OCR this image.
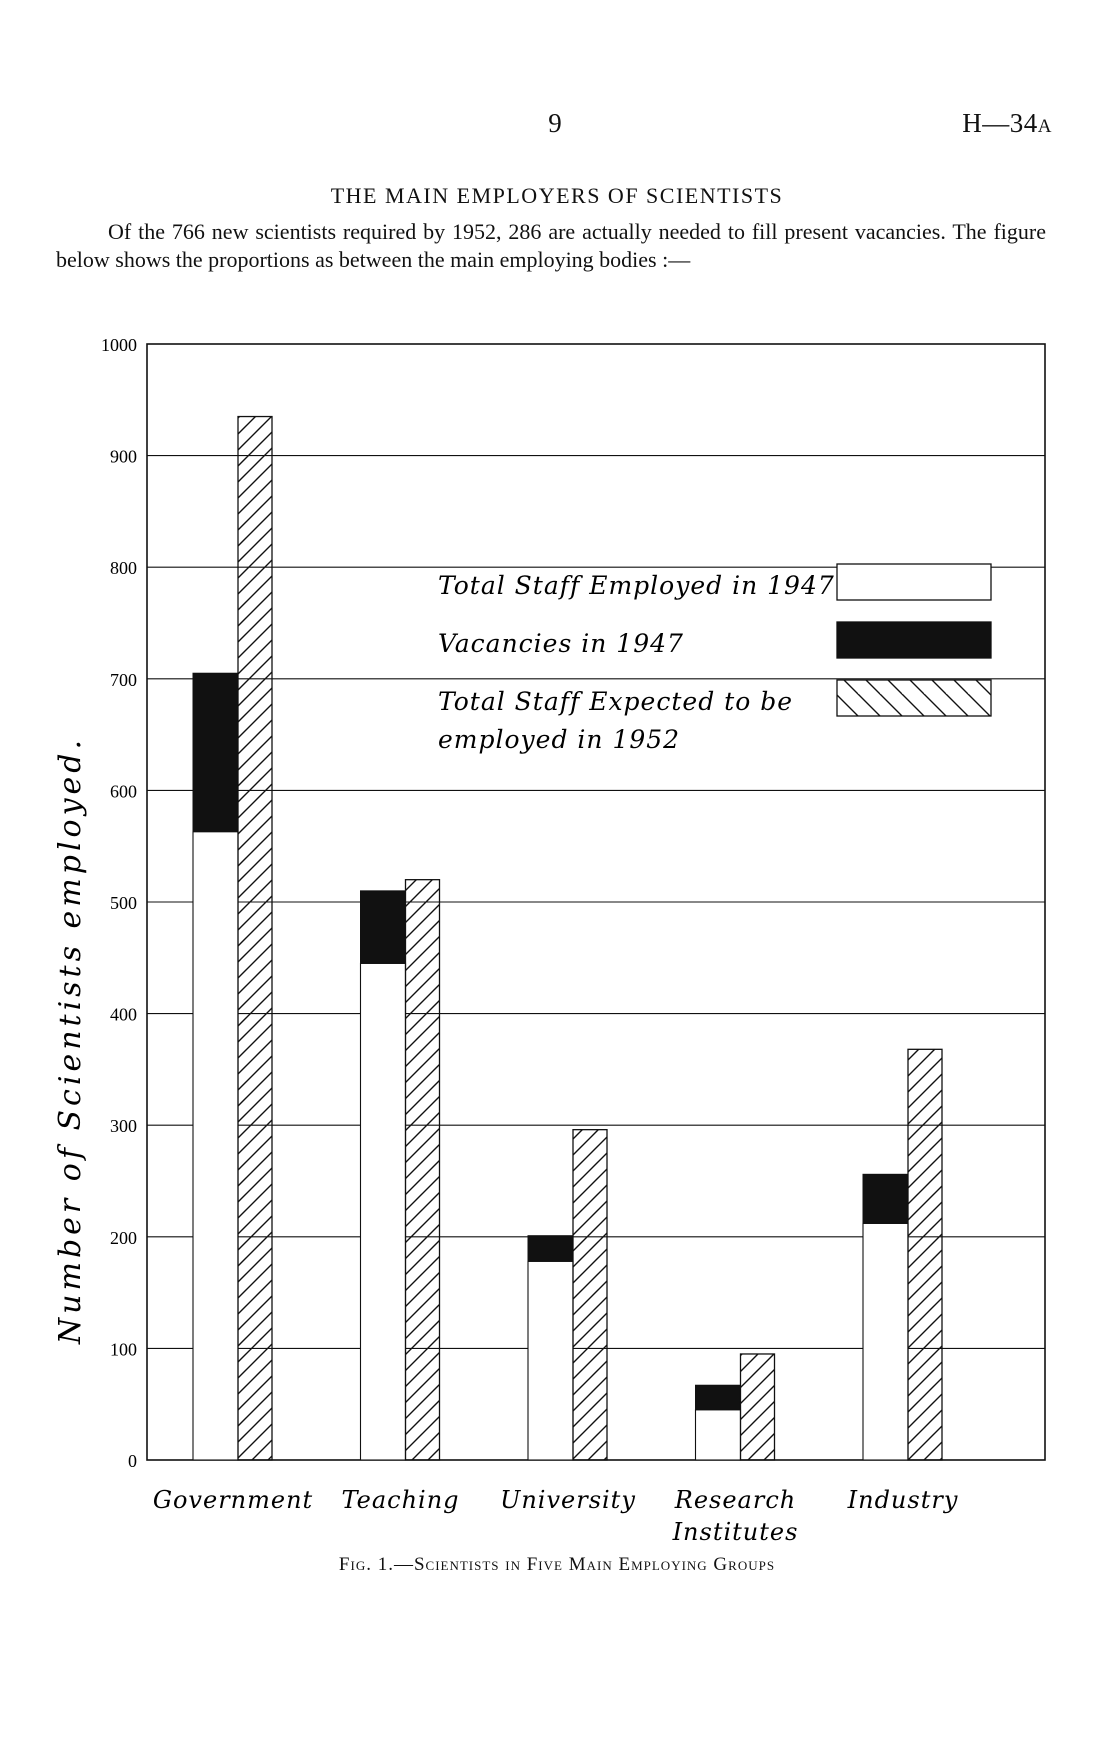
9	H—34A
THE MAIN EMPLOYERS OF SCIENTISTS
Of the 766 new scientists required by 1952, 286 are actually needed to fill present vacancies. The figure below shows the proportions as between the main employing bodies :—
0
100
200
300
400
500
600
700
800
900
1000
Government Teaching University Research
Institutes
Industry
Total Staff Employed in 1947
Vacancies in 1947
Total Staff Expected to be
employed in 1952
Number of Scientists employed.
Fig. 1.—Scientists in Five Main Employing Groups
